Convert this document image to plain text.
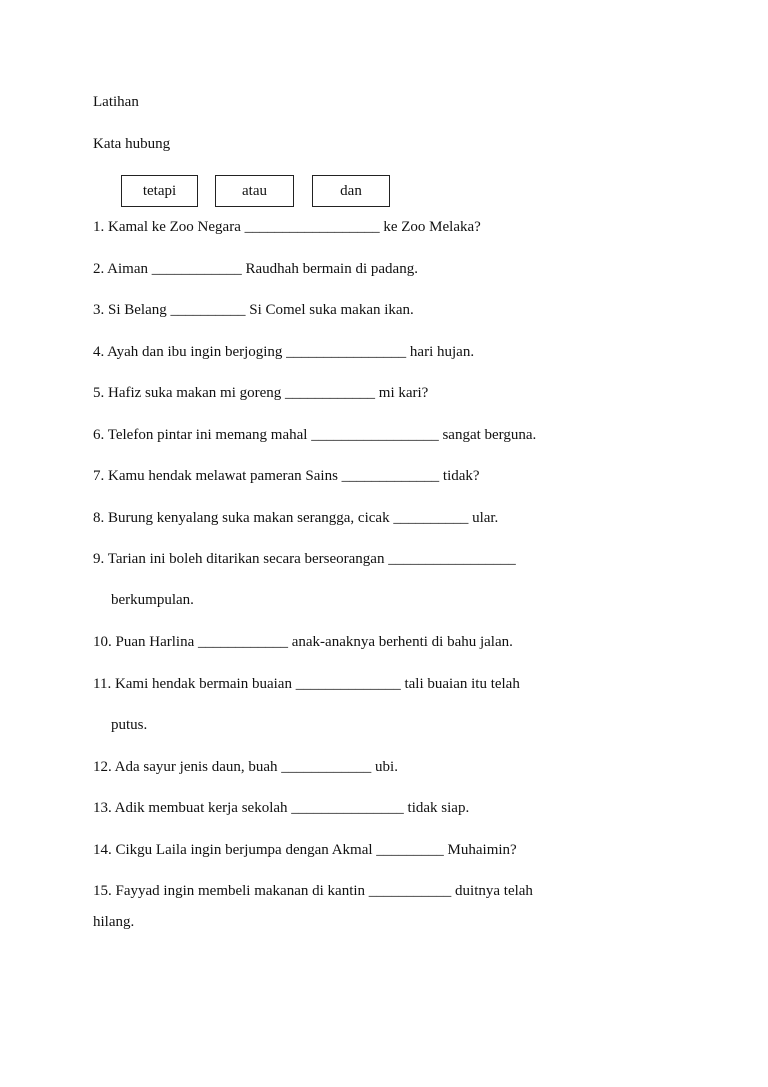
Latihan
Kata hubung
tetapi	atau	dan
1. Kamal ke Zoo Negara __________________ ke Zoo Melaka?
2. Aiman ____________ Raudhah bermain di padang.
3. Si Belang __________ Si Comel suka makan ikan.
4. Ayah dan ibu ingin berjoging ________________ hari hujan.
5. Hafiz suka makan mi goreng ____________ mi kari?
6. Telefon pintar ini memang mahal _________________ sangat berguna.
7. Kamu hendak melawat pameran Sains _____________ tidak?
8. Burung kenyalang suka makan serangga, cicak __________ ular.
9. Tarian ini boleh ditarikan secara berseorangan _________________
berkumpulan.
10. Puan Harlina ____________ anak-anaknya berhenti di bahu jalan.
11. Kami hendak bermain buaian ______________ tali buaian itu telah
putus.
12. Ada sayur jenis daun, buah ____________ ubi.
13. Adik membuat kerja sekolah _______________ tidak siap.
14. Cikgu Laila ingin berjumpa dengan Akmal _________ Muhaimin?
15. Fayyad ingin membeli makanan di kantin ___________ duitnya telah
hilang.
